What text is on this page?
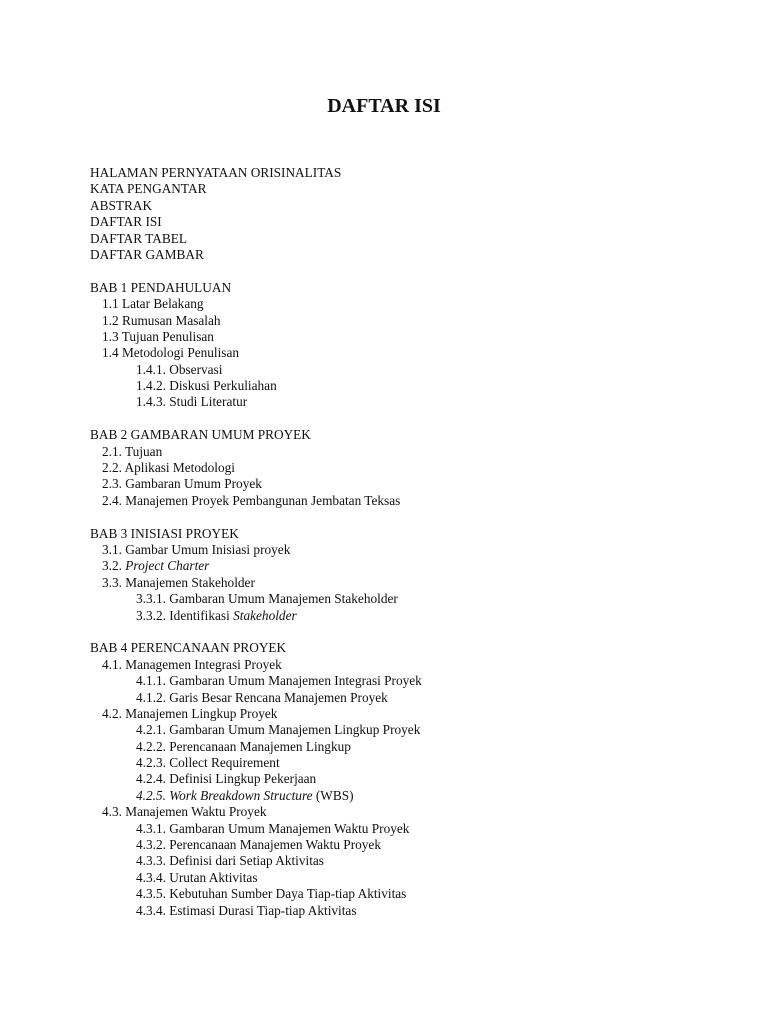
DAFTAR ISI
HALAMAN PERNYATAAN ORISINALITAS
KATA PENGANTAR
ABSTRAK
DAFTAR ISI
DAFTAR TABEL
DAFTAR GAMBAR
BAB 1 PENDAHULUAN
1.1 Latar Belakang
1.2 Rumusan Masalah
1.3 Tujuan Penulisan
1.4 Metodologi Penulisan
1.4.1. Observasi
1.4.2. Diskusi Perkuliahan
1.4.3. Studi Literatur
BAB 2 GAMBARAN UMUM PROYEK
2.1. Tujuan
2.2. Aplikasi Metodologi
2.3. Gambaran Umum Proyek
2.4. Manajemen Proyek Pembangunan Jembatan Teksas
BAB 3 INISIASI PROYEK
3.1. Gambar Umum Inisiasi proyek
3.2. Project Charter
3.3. Manajemen Stakeholder
3.3.1. Gambaran Umum Manajemen Stakeholder
3.3.2. Identifikasi Stakeholder
BAB 4 PERENCANAAN PROYEK
4.1. Managemen Integrasi Proyek
4.1.1. Gambaran Umum Manajemen Integrasi Proyek
4.1.2. Garis Besar Rencana Manajemen Proyek
4.2. Manajemen Lingkup Proyek
4.2.1. Gambaran Umum Manajemen Lingkup Proyek
4.2.2. Perencanaan Manajemen Lingkup
4.2.3. Collect Requirement
4.2.4. Definisi Lingkup Pekerjaan
4.2.5. Work Breakdown Structure (WBS)
4.3. Manajemen Waktu Proyek
4.3.1. Gambaran Umum Manajemen Waktu Proyek
4.3.2. Perencanaan Manajemen Waktu Proyek
4.3.3. Definisi dari Setiap Aktivitas
4.3.4. Urutan Aktivitas
4.3.5. Kebutuhan Sumber Daya Tiap-tiap Aktivitas
4.3.4. Estimasi Durasi Tiap-tiap Aktivitas
